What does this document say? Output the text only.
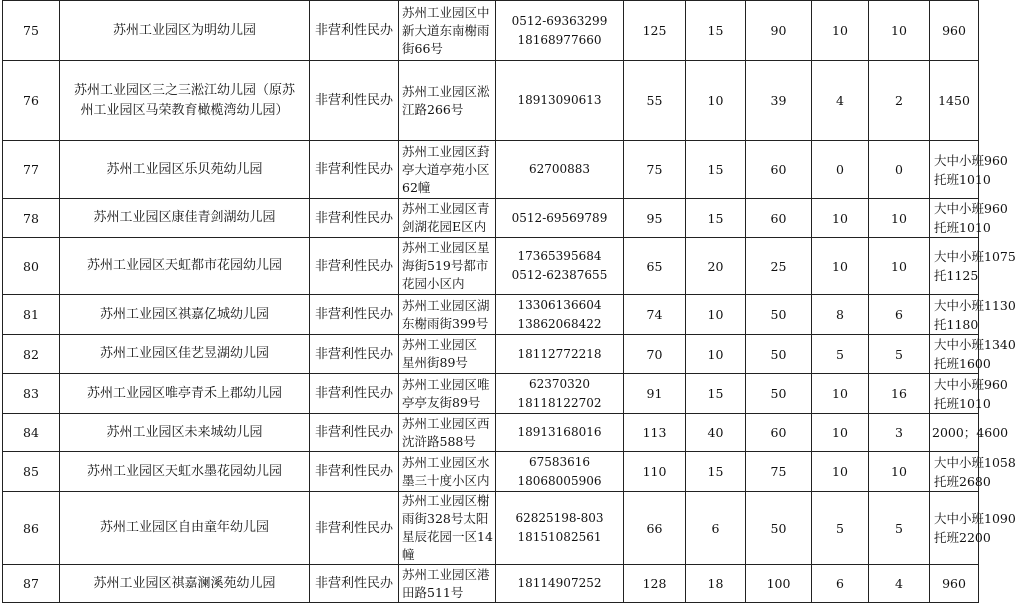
75	苏州工业园区为明幼儿园	非营利性民办	苏州工业园区中
新大道东南榭雨
街66号	0512-69363299
18168977660	125	15	90	10	10	960

76	苏州工业园区三之三淞江幼儿园（原苏
州工业园区马荣教育橄榄湾幼儿园）	非营利性民办	苏州工业园区淞
江路266号	18913090613	55	10	39	4	2	1450

77	苏州工业园区乐贝苑幼儿园	非营利性民办	苏州工业园区葑
亭大道亭苑小区
62幢	62700883	75	15	60	0	0	大中小班960
托班1010

78	苏州工业园区康佳青剑湖幼儿园	非营利性民办	苏州工业园区青
剑湖花园E区内	0512-69569789	95	15	60	10	10	大中小班960
托班1010

80	苏州工业园区天虹都市花园幼儿园	非营利性民办	苏州工业园区星
海街519号都市
花园小区内	17365395684
0512-62387655	65	20	25	10	10	大中小班1075
托1125

81	苏州工业园区祺嘉亿城幼儿园	非营利性民办	苏州工业园区湖
东榭雨街399号	13306136604
13862068422	74	10	50	8	6	大中小班1130
托1180

82	苏州工业园区佳艺昱湖幼儿园	非营利性民办	苏州工业园区
星州街89号	18112772218	70	10	50	5	5	大中小班1340
托班1600

83	苏州工业园区唯亭青禾上郡幼儿园	非营利性民办	苏州工业园区唯
亭亭友街89号	62370320
18118122702	91	15	50	10	16	大中小班960
托班1010

84	苏州工业园区未来城幼儿园	非营利性民办	苏州工业园区西
沈浒路588号	18913168016	113	40	60	10	3	2000；4600

85	苏州工业园区天虹水墨花园幼儿园	非营利性民办	苏州工业园区水
墨三十度小区内	67583616
18068005906	110	15	75	10	10	大中小班1058
托班2680

86	苏州工业园区自由童年幼儿园	非营利性民办	苏州工业园区榭
雨街328号太阳
星辰花园一区14
幢	62825198-803
18151082561	66	6	50	5	5	大中小班1090
托班2200

87	苏州工业园区祺嘉澜溪苑幼儿园	非营利性民办	苏州工业园区港
田路511号	18114907252	128	18	100	6	4	960
